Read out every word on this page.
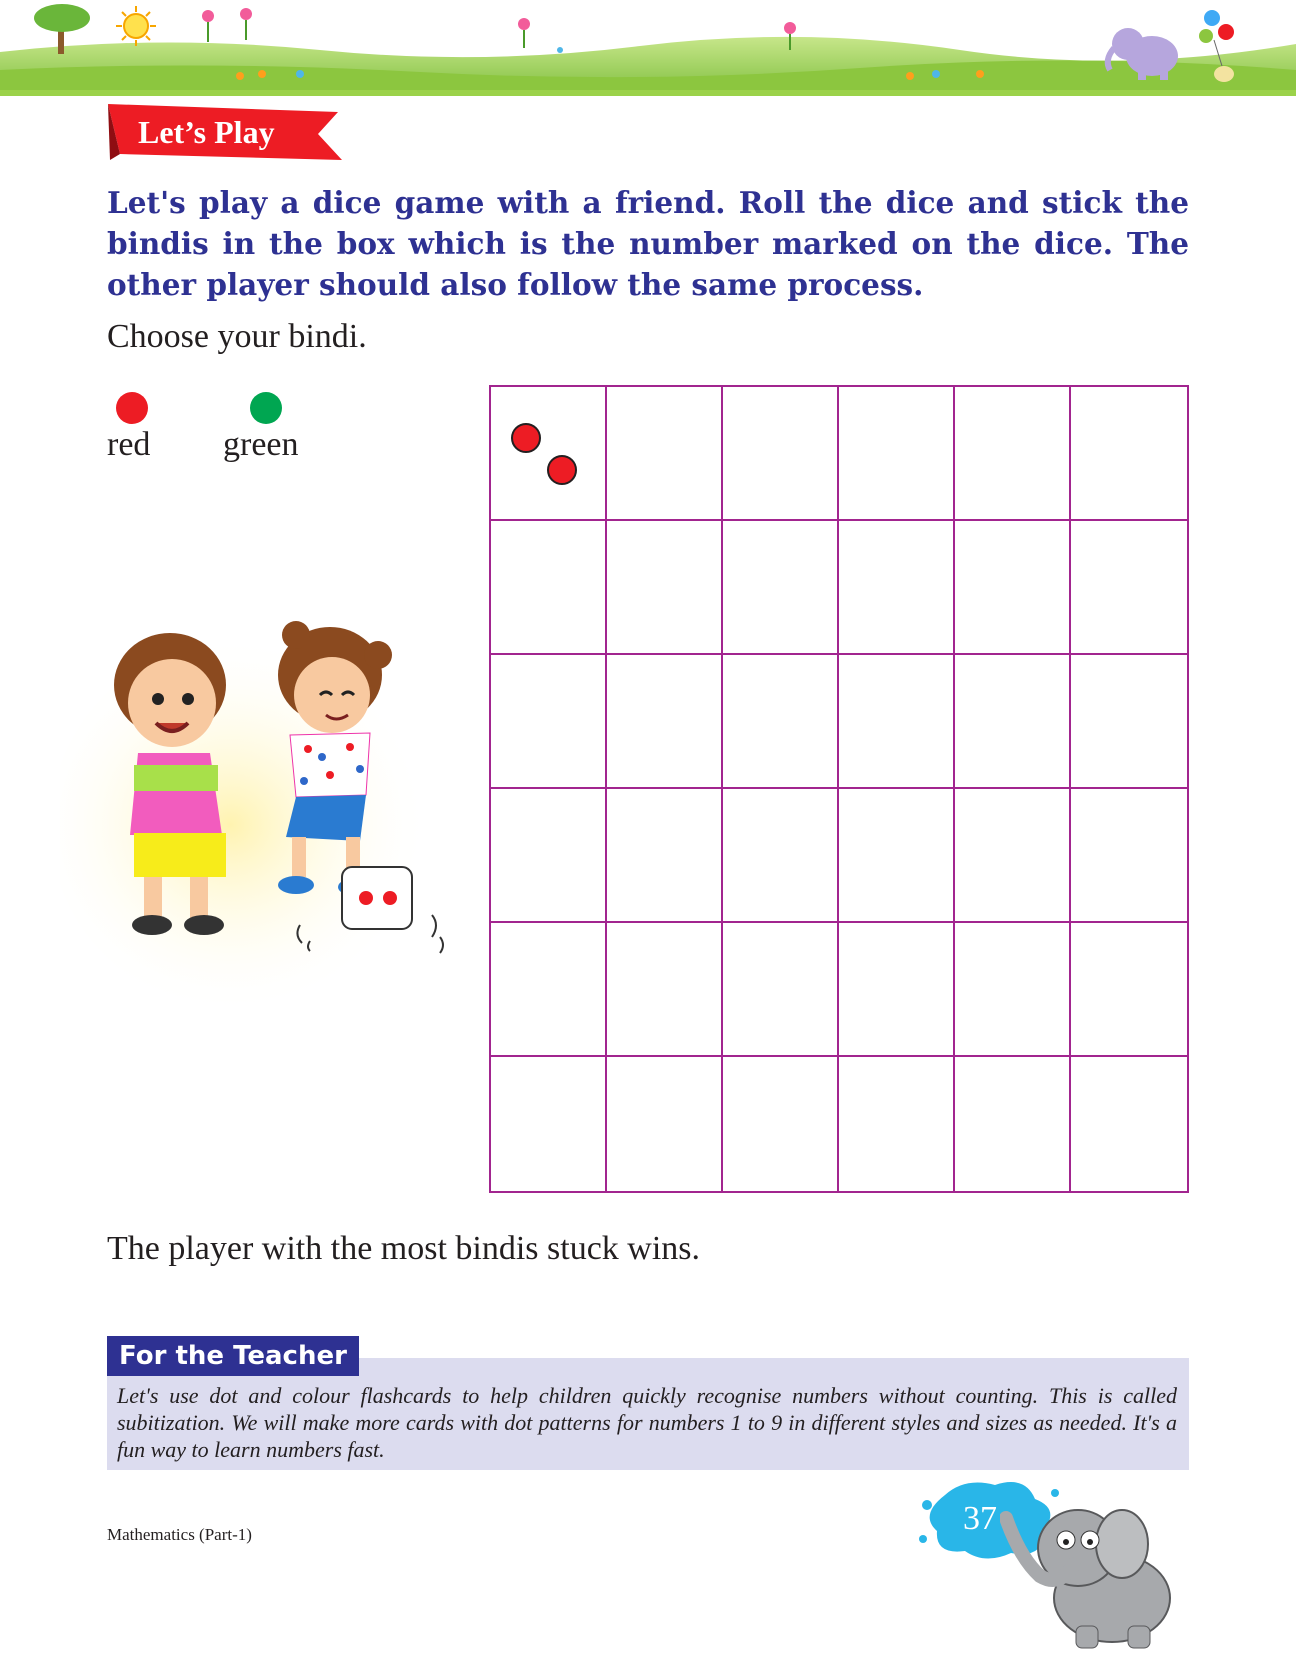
Let’s Play

Let's play a dice game with a friend. Roll the dice and stick the bindis in the box which is the number marked on the dice. The other player should also follow the same process.

Choose your bindi.
red green
The player with the most bindis stuck wins.
For the Teacher

Let's use dot and colour flashcards to help children quickly recognise numbers without counting. This is called subitization. We will make more cards with dot patterns for numbers 1 to 9 in different styles and sizes as needed. It's a fun way to learn numbers fast.

Mathematics (Part-1)	37
